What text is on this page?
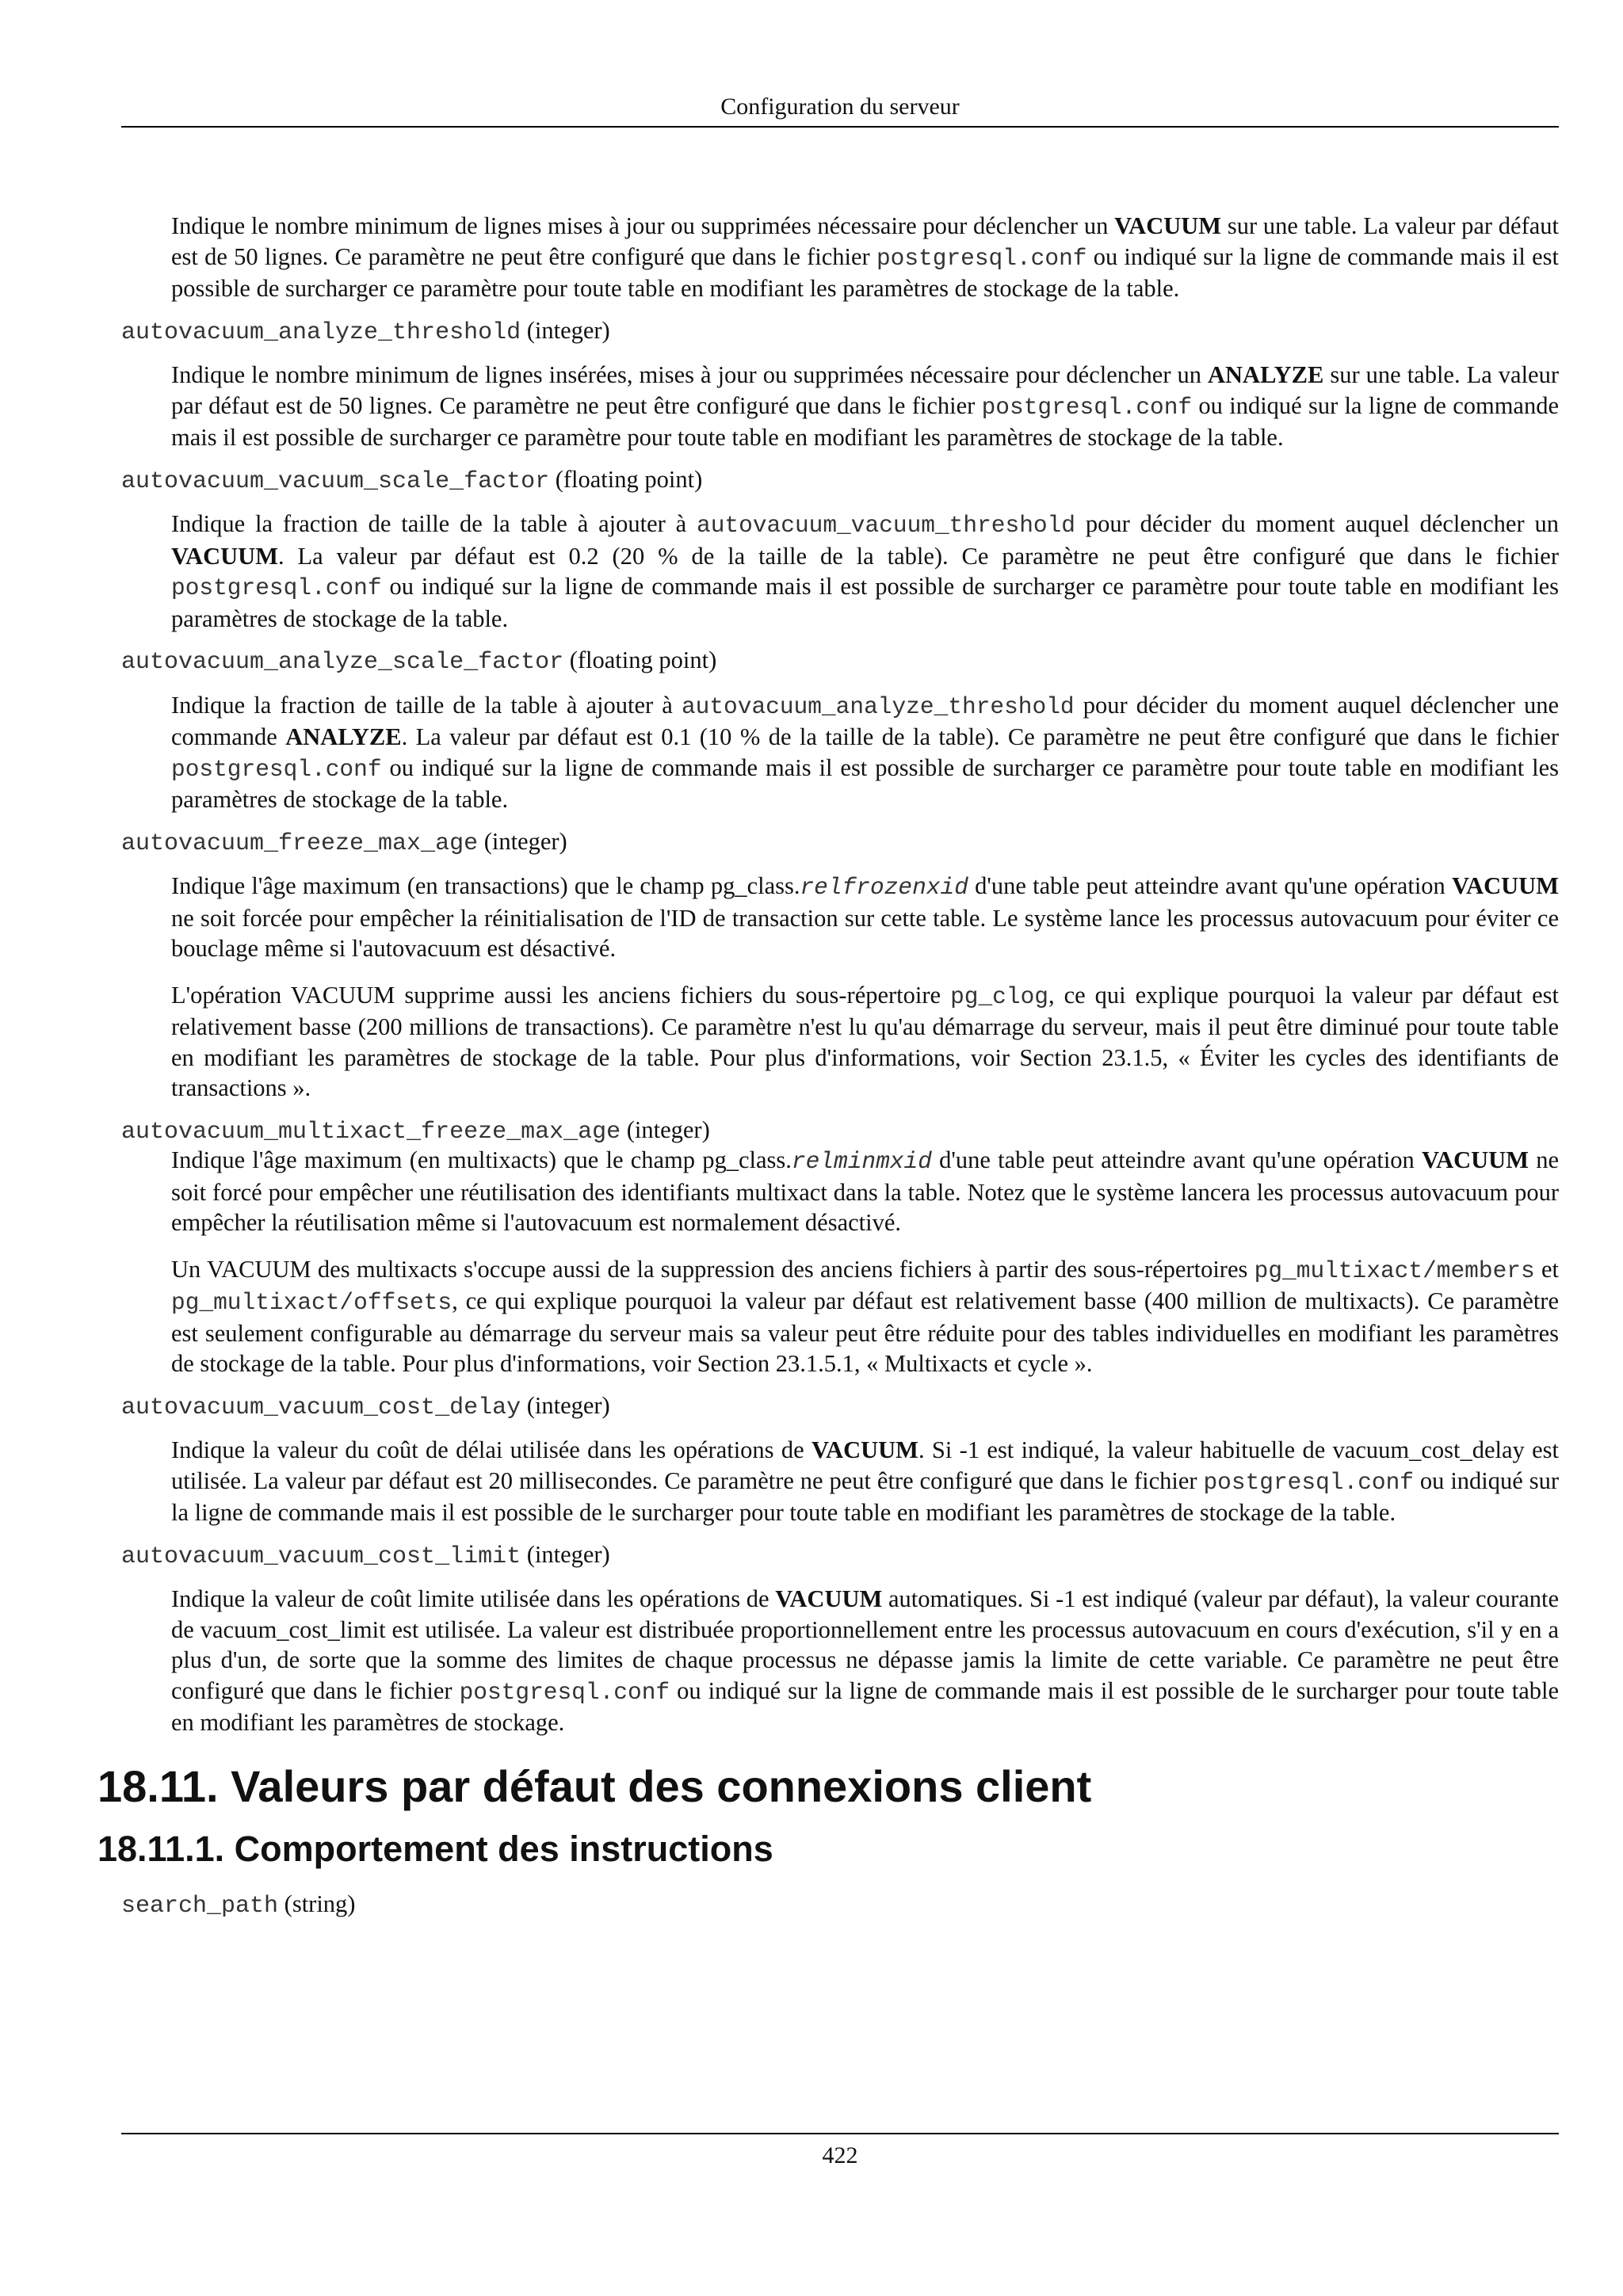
Configuration du serveur

Indique le nombre minimum de lignes mises à jour ou supprimées nécessaire pour déclencher un VACUUM sur une table. La valeur par défaut est de 50 lignes. Ce paramètre ne peut être configuré que dans le fichier postgresql.conf ou indiqué sur la ligne de commande mais il est possible de surcharger ce paramètre pour toute table en modifiant les paramètres de stockage de la table.

autovacuum_analyze_threshold (integer)

Indique le nombre minimum de lignes insérées, mises à jour ou supprimées nécessaire pour déclencher un ANALYZE sur une table. La valeur par défaut est de 50 lignes. Ce paramètre ne peut être configuré que dans le fichier postgresql.conf ou indiqué sur la ligne de commande mais il est possible de surcharger ce paramètre pour toute table en modifiant les paramètres de stockage de la table.

autovacuum_vacuum_scale_factor (floating point)

Indique la fraction de taille de la table à ajouter à autovacuum_vacuum_threshold pour décider du moment auquel déclencher un VACUUM. La valeur par défaut est 0.2 (20 % de la taille de la table). Ce paramètre ne peut être configuré que dans le fichier postgresql.conf ou indiqué sur la ligne de commande mais il est possible de surcharger ce paramètre pour toute table en modifiant les paramètres de stockage de la table.

autovacuum_analyze_scale_factor (floating point)

Indique la fraction de taille de la table à ajouter à autovacuum_analyze_threshold pour décider du moment auquel déclencher une commande ANALYZE. La valeur par défaut est 0.1 (10 % de la taille de la table). Ce paramètre ne peut être configuré que dans le fichier postgresql.conf ou indiqué sur la ligne de commande mais il est possible de surcharger ce paramètre pour toute table en modifiant les paramètres de stockage de la table.

autovacuum_freeze_max_age (integer)

Indique l'âge maximum (en transactions) que le champ pg_class.relfrozenxid d'une table peut atteindre avant qu'une opération VACUUM ne soit forcée pour empêcher la réinitialisation de l'ID de transaction sur cette table. Le système lance les processus autovacuum pour éviter ce bouclage même si l'autovacuum est désactivé.

L'opération VACUUM supprime aussi les anciens fichiers du sous-répertoire pg_clog, ce qui explique pourquoi la valeur par défaut est relativement basse (200 millions de transactions). Ce paramètre n'est lu qu'au démarrage du serveur, mais il peut être diminué pour toute table en modifiant les paramètres de stockage de la table. Pour plus d'informations, voir Section 23.1.5, « Éviter les cycles des identifiants de transactions ».

autovacuum_multixact_freeze_max_age (integer)

Indique l'âge maximum (en multixacts) que le champ pg_class.relminmxid d'une table peut atteindre avant qu'une opération VACUUM ne soit forcé pour empêcher une réutilisation des identifiants multixact dans la table. Notez que le système lancera les processus autovacuum pour empêcher la réutilisation même si l'autovacuum est normalement désactivé.

Un VACUUM des multixacts s'occupe aussi de la suppression des anciens fichiers à partir des sous-répertoires pg_multixact/members et pg_multixact/offsets, ce qui explique pourquoi la valeur par défaut est relativement basse (400 million de multixacts). Ce paramètre est seulement configurable au démarrage du serveur mais sa valeur peut être réduite pour des tables individuelles en modifiant les paramètres de stockage de la table. Pour plus d'informations, voir Section 23.1.5.1, « Multixacts et cycle ».

autovacuum_vacuum_cost_delay (integer)

Indique la valeur du coût de délai utilisée dans les opérations de VACUUM. Si -1 est indiqué, la valeur habituelle de vacuum_cost_delay est utilisée. La valeur par défaut est 20 millisecondes. Ce paramètre ne peut être configuré que dans le fichier postgresql.conf ou indiqué sur la ligne de commande mais il est possible de le surcharger pour toute table en modifiant les paramètres de stockage de la table.

autovacuum_vacuum_cost_limit (integer)

Indique la valeur de coût limite utilisée dans les opérations de VACUUM automatiques. Si -1 est indiqué (valeur par défaut), la valeur courante de vacuum_cost_limit est utilisée. La valeur est distribuée proportionnellement entre les processus autovacuum en cours d'exécution, s'il y en a plus d'un, de sorte que la somme des limites de chaque processus ne dépasse jamis la limite de cette variable. Ce paramètre ne peut être configuré que dans le fichier postgresql.conf ou indiqué sur la ligne de commande mais il est possible de le surcharger pour toute table en modifiant les paramètres de stockage.

18.11. Valeurs par défaut des connexions client
18.11.1. Comportement des instructions
search_path (string)
422
